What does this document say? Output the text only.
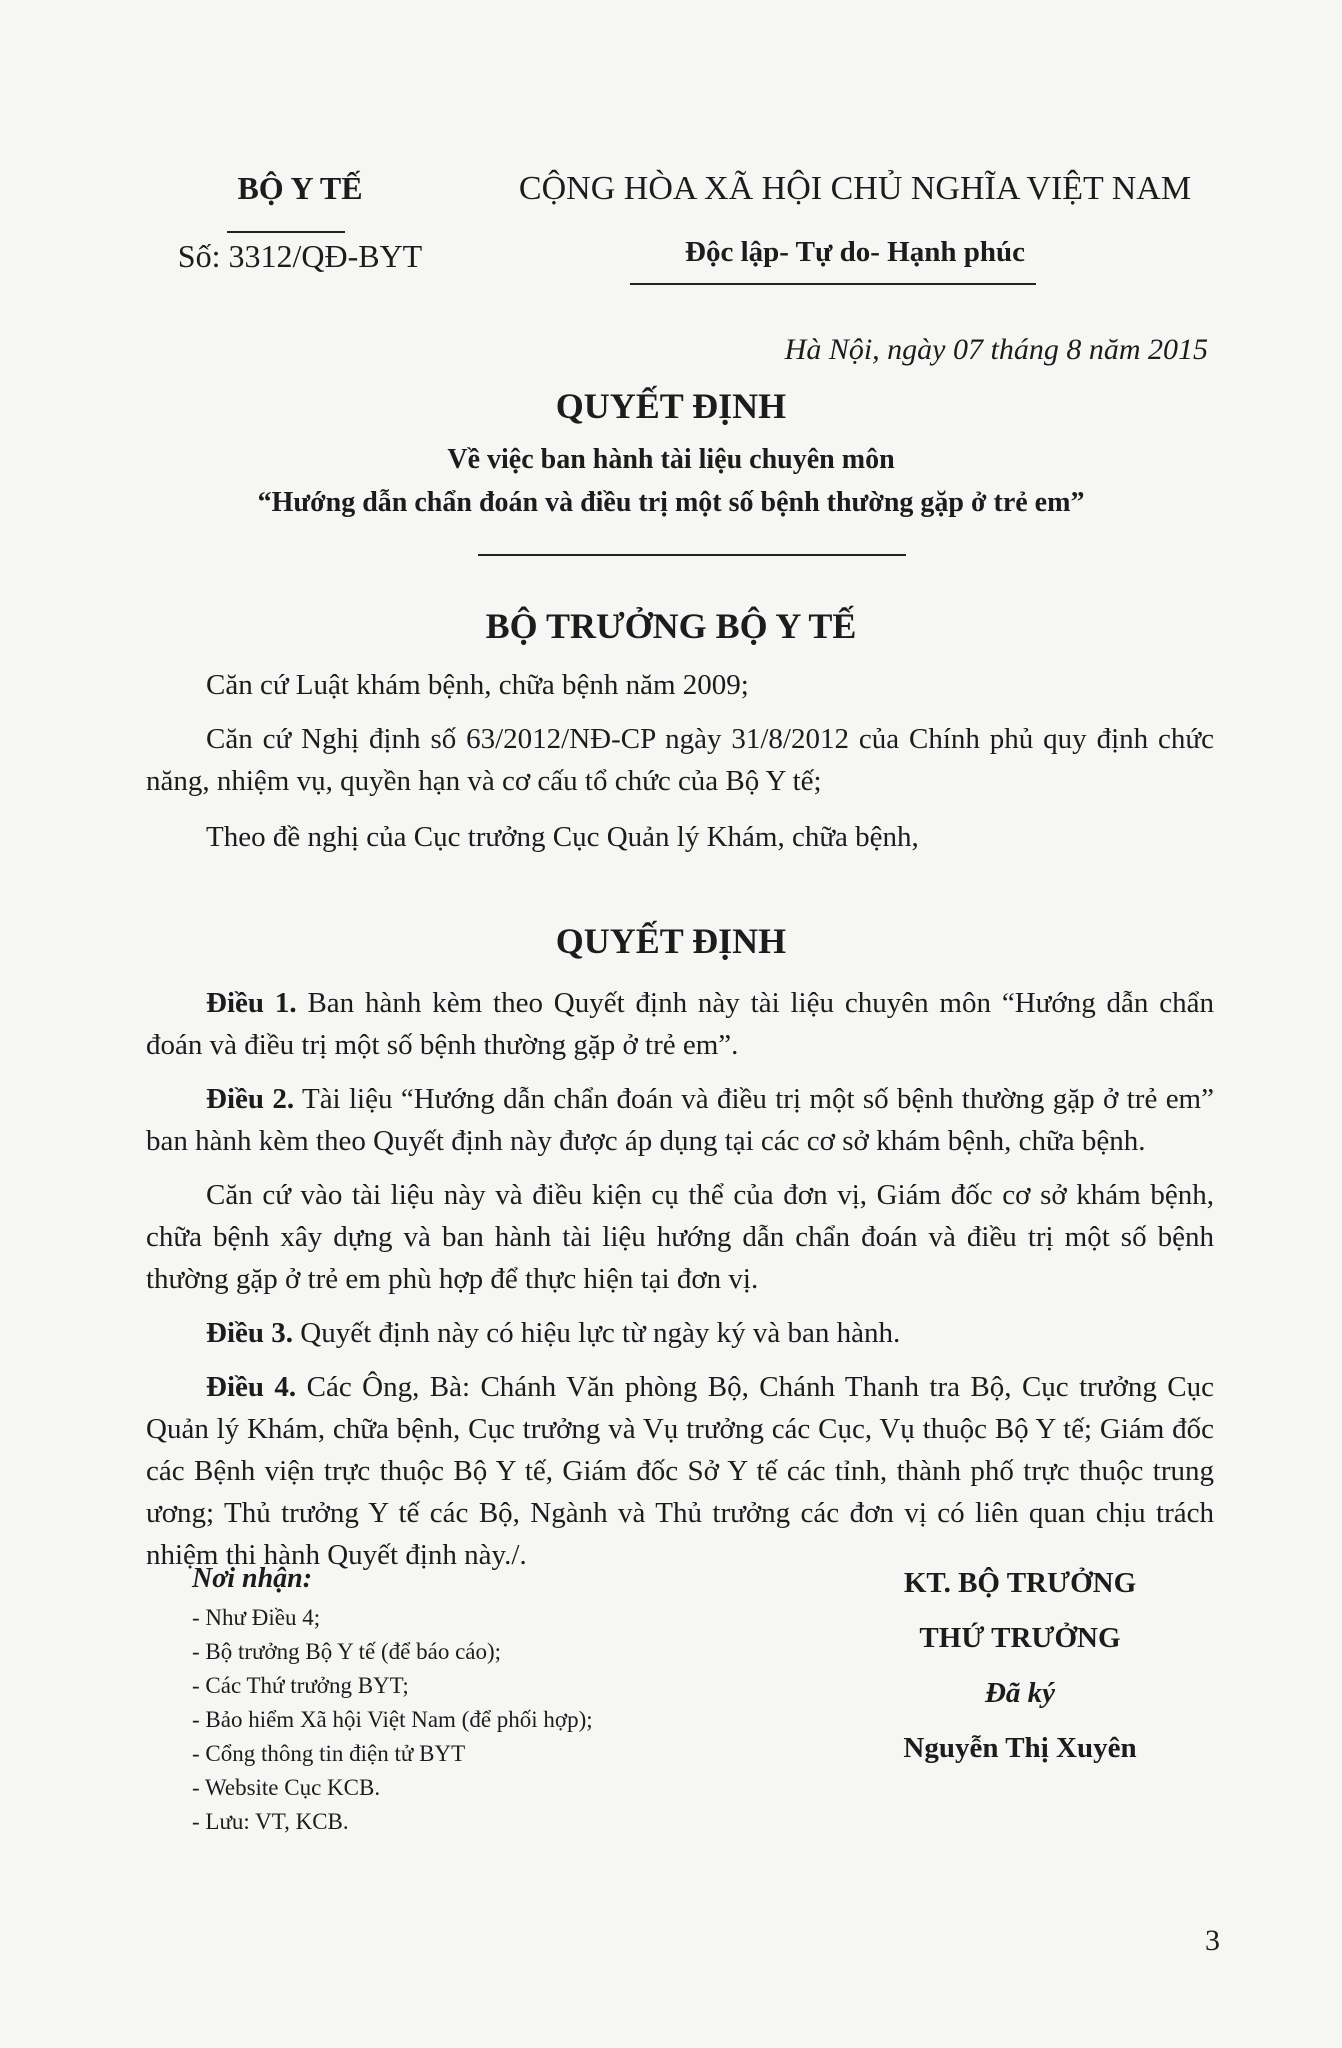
BỘ Y TẾ
Số: 3312/QĐ-BYT
CỘNG HÒA XÃ HỘI CHỦ NGHĨA VIỆT NAM
Độc lập- Tự do- Hạnh phúc
Hà Nội, ngày 07 tháng 8 năm 2015
QUYẾT ĐỊNH
Về việc ban hành tài liệu chuyên môn
“Hướng dẫn chẩn đoán và điều trị một số bệnh thường gặp ở trẻ em”
BỘ TRƯỞNG BỘ Y TẾ

Căn cứ Luật khám bệnh, chữa bệnh năm 2009;

Căn cứ Nghị định số 63/2012/NĐ-CP ngày 31/8/2012 của Chính phủ quy định chức năng, nhiệm vụ, quyền hạn và cơ cấu tổ chức của Bộ Y tế;

Theo đề nghị của Cục trưởng Cục Quản lý Khám, chữa bệnh,

QUYẾT ĐỊNH

Điều 1. Ban hành kèm theo Quyết định này tài liệu chuyên môn “Hướng dẫn chẩn đoán và điều trị một số bệnh thường gặp ở trẻ em”.

Điều 2. Tài liệu “Hướng dẫn chẩn đoán và điều trị một số bệnh thường gặp ở trẻ em” ban hành kèm theo Quyết định này được áp dụng tại các cơ sở khám bệnh, chữa bệnh.

Căn cứ vào tài liệu này và điều kiện cụ thể của đơn vị, Giám đốc cơ sở khám bệnh, chữa bệnh xây dựng và ban hành tài liệu hướng dẫn chẩn đoán và điều trị một số bệnh thường gặp ở trẻ em phù hợp để thực hiện tại đơn vị.

Điều 3. Quyết định này có hiệu lực từ ngày ký và ban hành.

Điều 4. Các Ông, Bà: Chánh Văn phòng Bộ, Chánh Thanh tra Bộ, Cục trưởng Cục Quản lý Khám, chữa bệnh, Cục trưởng và Vụ trưởng các Cục, Vụ thuộc Bộ Y tế; Giám đốc các Bệnh viện trực thuộc Bộ Y tế, Giám đốc Sở Y tế các tỉnh, thành phố trực thuộc trung ương; Thủ trưởng Y tế các Bộ, Ngành và Thủ trưởng các đơn vị có liên quan chịu trách nhiệm thi hành Quyết định này./.

Nơi nhận:
- Như Điều 4;
- Bộ trưởng Bộ Y tế (để báo cáo);
- Các Thứ trưởng BYT;
- Bảo hiểm Xã hội Việt Nam (để phối hợp);
- Cổng thông tin điện tử BYT
- Website Cục KCB.
- Lưu: VT, KCB.
KT. BỘ TRƯỞNG
THỨ TRƯỞNG
Đã ký
Nguyễn Thị Xuyên
3
